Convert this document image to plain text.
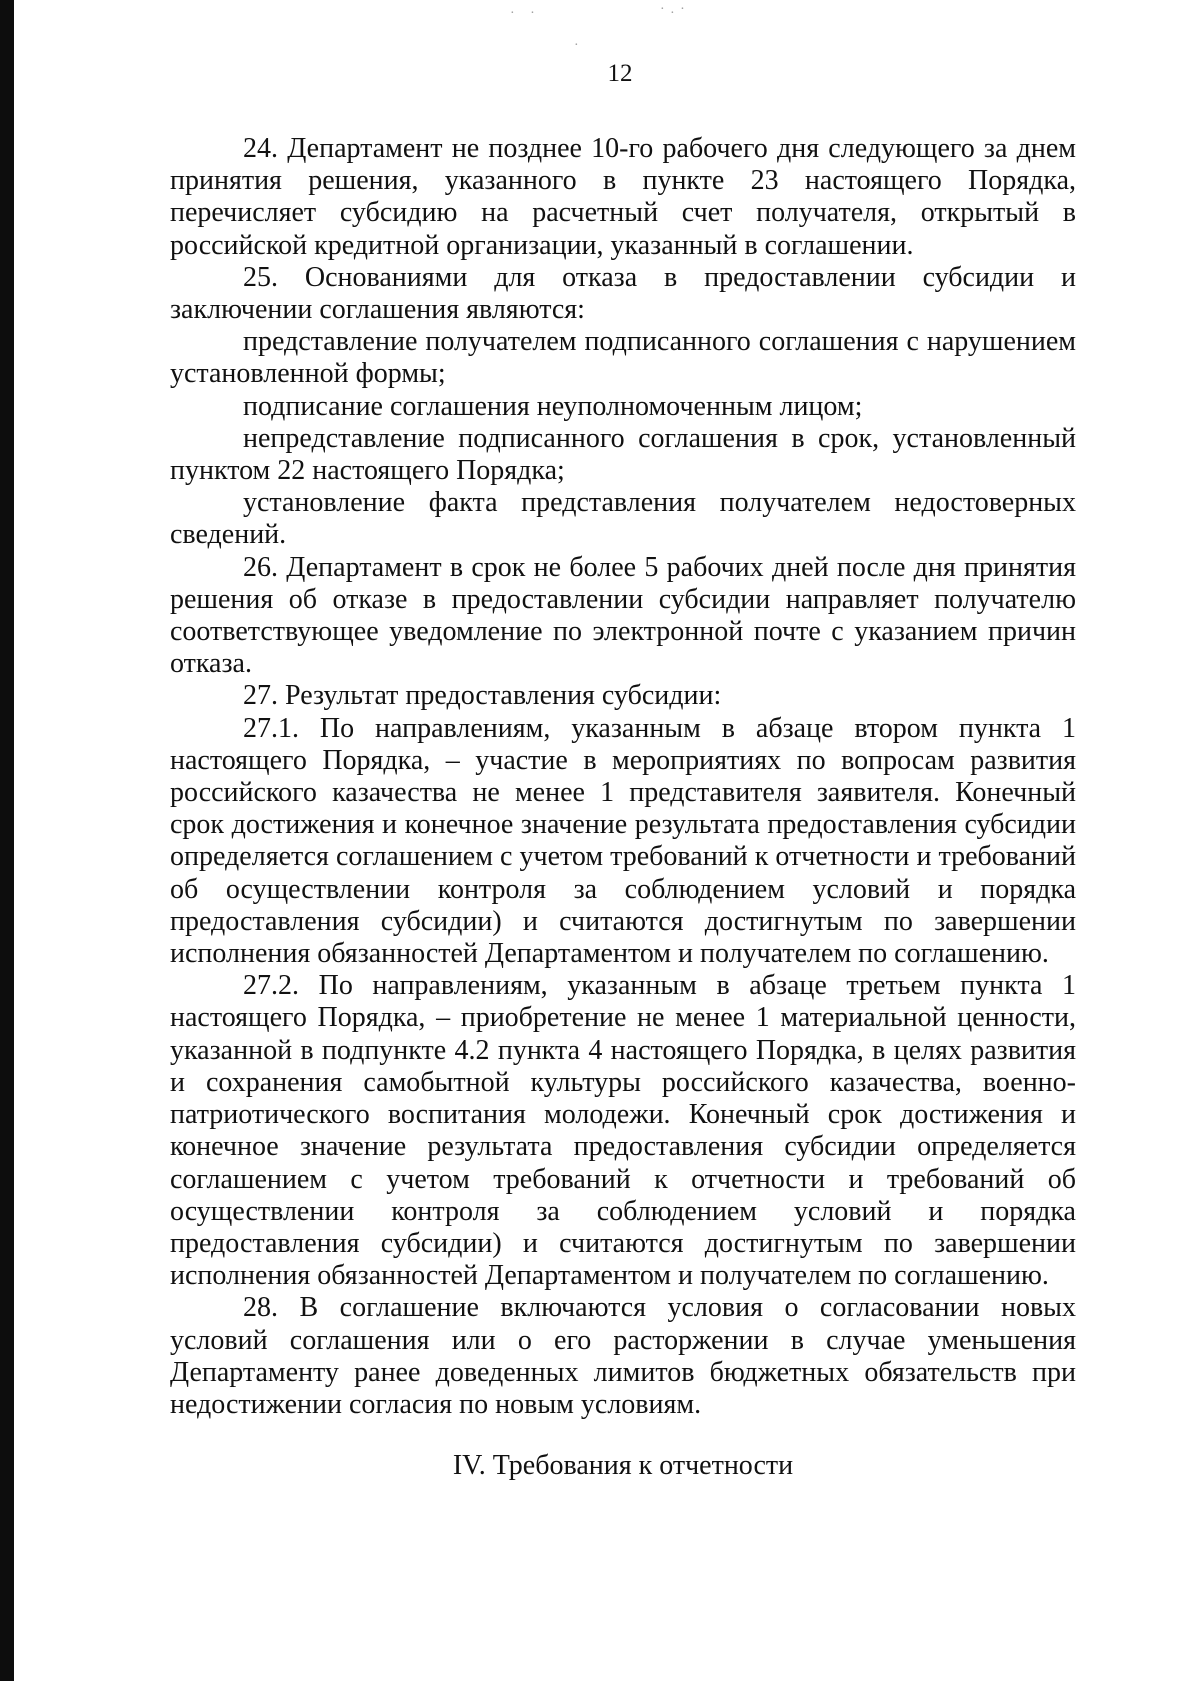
· ·	·.·
·
12

24. Департамент не позднее 10-го рабочего дня следующего за днем принятия решения, указанного в пункте 23 настоящего Порядка, перечисляет субсидию на расчетный счет получателя, открытый в российской кредитной организации, указанный в соглашении.

25. Основаниями для отказа в предоставлении субсидии и заключении соглашения являются:

представление получателем подписанного соглашения с нарушением установленной формы;

подписание соглашения неуполномоченным лицом;

непредставление подписанного соглашения в срок, установленный пунктом 22 настоящего Порядка;

установление факта представления получателем недостоверных сведений.

26. Департамент в срок не более 5 рабочих дней после дня принятия решения об отказе в предоставлении субсидии направляет получателю соответствующее уведомление по электронной почте с указанием причин отказа.

27. Результат предоставления субсидии:

27.1. По направлениям, указанным в абзаце втором пункта 1 настоящего Порядка, – участие в мероприятиях по вопросам развития российского казачества не менее 1 представителя заявителя. Конечный срок достижения и конечное значение результата предоставления субсидии определяется соглашением с учетом требований к отчетности и требований об осуществлении контроля за соблюдением условий и порядка предоставления субсидии) и считаются достигнутым по завершении исполнения обязанностей Департаментом и получателем по соглашению.

27.2. По направлениям, указанным в абзаце третьем пункта 1 настоящего Порядка, – приобретение не менее 1 материальной ценности, указанной в подпункте 4.2 пункта 4 настоящего Порядка, в целях развития и сохранения самобытной культуры российского казачества, военно-патриотического воспитания молодежи. Конечный срок достижения и конечное значение результата предоставления субсидии определяется соглашением с учетом требований к отчетности и требований об осуществлении контроля за соблюдением условий и порядка предоставления субсидии) и считаются достигнутым по завершении исполнения обязанностей Департаментом и получателем по соглашению.

28. В соглашение включаются условия о согласовании новых условий соглашения или о его расторжении в случае уменьшения Департаменту ранее доведенных лимитов бюджетных обязательств при недостижении согласия по новым условиям.

IV. Требования к отчетности
